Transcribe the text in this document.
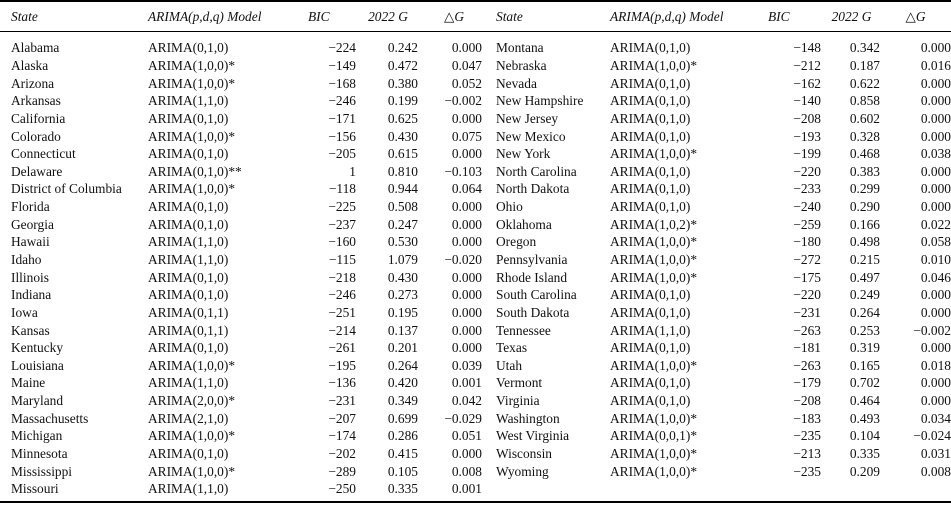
State	ARIMA(p,d,q) Model	BIC	2022 G	△G	State	ARIMA(p,d,q) Model	BIC	2022 G	△G

Alabama	ARIMA(0,1,0)	−224	0.242	0.000	Montana	ARIMA(0,1,0)	−148	0.342	0.000
Alaska	ARIMA(1,0,0)*	−149	0.472	0.047	Nebraska	ARIMA(1,0,0)*	−212	0.187	0.016
Arizona	ARIMA(1,0,0)*	−168	0.380	0.052	Nevada	ARIMA(0,1,0)	−162	0.622	0.000
Arkansas	ARIMA(1,1,0)	−246	0.199	−0.002	New Hampshire	ARIMA(0,1,0)	−140	0.858	0.000
California	ARIMA(0,1,0)	−171	0.625	0.000	New Jersey	ARIMA(0,1,0)	−208	0.602	0.000
Colorado	ARIMA(1,0,0)*	−156	0.430	0.075	New Mexico	ARIMA(0,1,0)	−193	0.328	0.000
Connecticut	ARIMA(0,1,0)	−205	0.615	0.000	New York	ARIMA(1,0,0)*	−199	0.468	0.038
Delaware	ARIMA(0,1,0)**	1	0.810	−0.103	North Carolina	ARIMA(0,1,0)	−220	0.383	0.000
District of Columbia	ARIMA(1,0,0)*	−118	0.944	0.064	North Dakota	ARIMA(0,1,0)	−233	0.299	0.000
Florida	ARIMA(0,1,0)	−225	0.508	0.000	Ohio	ARIMA(0,1,0)	−240	0.290	0.000
Georgia	ARIMA(0,1,0)	−237	0.247	0.000	Oklahoma	ARIMA(1,0,2)*	−259	0.166	0.022
Hawaii	ARIMA(1,1,0)	−160	0.530	0.000	Oregon	ARIMA(1,0,0)*	−180	0.498	0.058
Idaho	ARIMA(1,1,0)	−115	1.079	−0.020	Pennsylvania	ARIMA(1,0,0)*	−272	0.215	0.010
Illinois	ARIMA(0,1,0)	−218	0.430	0.000	Rhode Island	ARIMA(1,0,0)*	−175	0.497	0.046
Indiana	ARIMA(0,1,0)	−246	0.273	0.000	South Carolina	ARIMA(0,1,0)	−220	0.249	0.000
Iowa	ARIMA(0,1,1)	−251	0.195	0.000	South Dakota	ARIMA(0,1,0)	−231	0.264	0.000
Kansas	ARIMA(0,1,1)	−214	0.137	0.000	Tennessee	ARIMA(1,1,0)	−263	0.253	−0.002
Kentucky	ARIMA(0,1,0)	−261	0.201	0.000	Texas	ARIMA(0,1,0)	−181	0.319	0.000
Louisiana	ARIMA(1,0,0)*	−195	0.264	0.039	Utah	ARIMA(1,0,0)*	−263	0.165	0.018
Maine	ARIMA(1,1,0)	−136	0.420	0.001	Vermont	ARIMA(0,1,0)	−179	0.702	0.000
Maryland	ARIMA(2,0,0)*	−231	0.349	0.042	Virginia	ARIMA(0,1,0)	−208	0.464	0.000
Massachusetts	ARIMA(2,1,0)	−207	0.699	−0.029	Washington	ARIMA(1,0,0)*	−183	0.493	0.034
Michigan	ARIMA(1,0,0)*	−174	0.286	0.051	West Virginia	ARIMA(0,0,1)*	−235	0.104	−0.024
Minnesota	ARIMA(0,1,0)	−202	0.415	0.000	Wisconsin	ARIMA(1,0,0)*	−213	0.335	0.031
Mississippi	ARIMA(1,0,0)*	−289	0.105	0.008	Wyoming	ARIMA(1,0,0)*	−235	0.209	0.008
Missouri	ARIMA(1,1,0)	−250	0.335	0.001					
